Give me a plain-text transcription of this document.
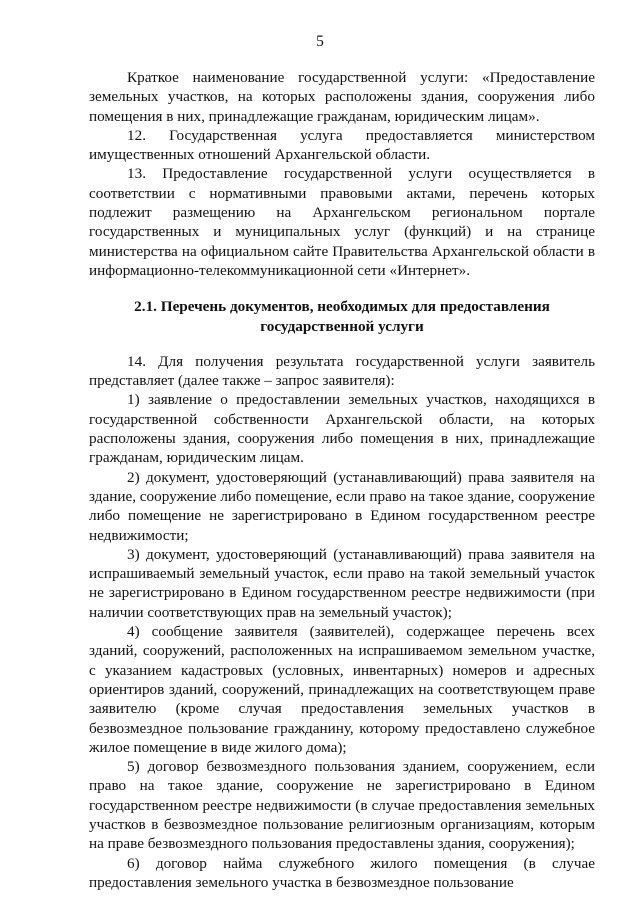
5

Краткое наименование государственной услуги: «Предоставление земельных участков, на которых расположены здания, сооружения либо помещения в них, принадлежащие гражданам, юридическим лицам».

12. Государственная услуга предоставляется министерством имущественных отношений Архангельской области.

13. Предоставление государственной услуги осуществляется в соответствии с нормативными правовыми актами, перечень которых подлежит размещению на Архангельском региональном портале государственных и муниципальных услуг (функций) и на странице министерства на официальном сайте Правительства Архангельской области в информационно-телекоммуникационной сети «Интернет».

2.1. Перечень документов, необходимых для предоставления государственной услуги

14. Для получения результата государственной услуги заявитель представляет (далее также – запрос заявителя):

1) заявление о предоставлении земельных участков, находящихся в государственной собственности Архангельской области, на которых расположены здания, сооружения либо помещения в них, принадлежащие гражданам, юридическим лицам.

2) документ, удостоверяющий (устанавливающий) права заявителя на здание, сооружение либо помещение, если право на такое здание, сооружение либо помещение не зарегистрировано в Едином государственном реестре недвижимости;

3) документ, удостоверяющий (устанавливающий) права заявителя на испрашиваемый земельный участок, если право на такой земельный участок не зарегистрировано в Едином государственном реестре недвижимости (при наличии соответствующих прав на земельный участок);

4) сообщение заявителя (заявителей), содержащее перечень всех зданий, сооружений, расположенных на испрашиваемом земельном участке, с указанием кадастровых (условных, инвентарных) номеров и адресных ориентиров зданий, сооружений, принадлежащих на соответствующем праве заявителю (кроме случая предоставления земельных участков в безвозмездное пользование гражданину, которому предоставлено служебное жилое помещение в виде жилого дома);

5) договор безвозмездного пользования зданием, сооружением, если право на такое здание, сооружение не зарегистрировано в Едином государственном реестре недвижимости (в случае предоставления земельных участков в безвозмездное пользование религиозным организациям, которым на праве безвозмездного пользования предоставлены здания, сооружения);

6) договор найма служебного жилого помещения (в случае предоставления земельного участка в безвозмездное пользование
